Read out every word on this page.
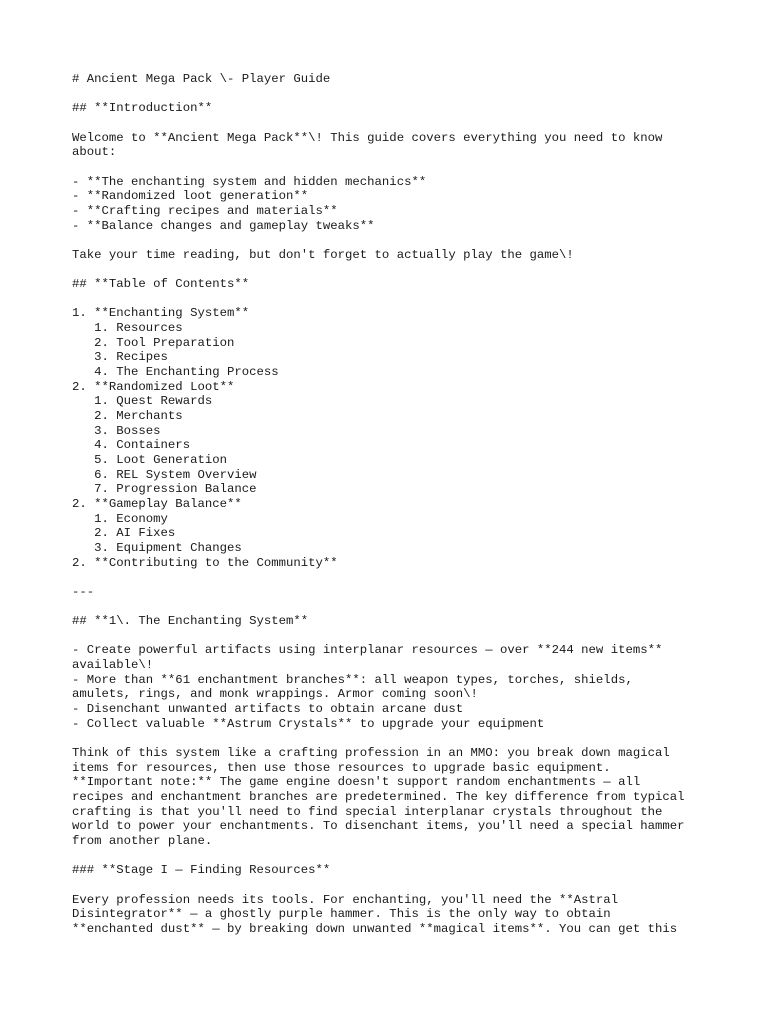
# Ancient Mega Pack \- Player Guide
## **Introduction**
Welcome to **Ancient Mega Pack**\! This guide covers everything you need to know
about:
- **The enchanting system and hidden mechanics**
- **Randomized loot generation**
- **Crafting recipes and materials**
- **Balance changes and gameplay tweaks**
Take your time reading, but don't forget to actually play the game\!
## **Table of Contents**
1. **Enchanting System**
1. Resources
2. Tool Preparation
3. Recipes
4. The Enchanting Process
2. **Randomized Loot**
1. Quest Rewards
2. Merchants
3. Bosses
4. Containers
5. Loot Generation
6. REL System Overview
7. Progression Balance
2. **Gameplay Balance**
1. Economy
2. AI Fixes
3. Equipment Changes
2. **Contributing to the Community**
---
## **1\. The Enchanting System**
- Create powerful artifacts using interplanar resources — over **244 new items**
available\!
- More than **61 enchantment branches**: all weapon types, torches, shields,
amulets, rings, and monk wrappings. Armor coming soon\!
- Disenchant unwanted artifacts to obtain arcane dust
- Collect valuable **Astrum Crystals** to upgrade your equipment
Think of this system like a crafting profession in an MMO: you break down magical
items for resources, then use those resources to upgrade basic equipment.
**Important note:** The game engine doesn't support random enchantments — all
recipes and enchantment branches are predetermined. The key difference from typical
crafting is that you'll need to find special interplanar crystals throughout the
world to power your enchantments. To disenchant items, you'll need a special hammer
from another plane.
### **Stage I — Finding Resources**
Every profession needs its tools. For enchanting, you'll need the **Astral
Disintegrator** — a ghostly purple hammer. This is the only way to obtain
**enchanted dust** — by breaking down unwanted **magical items**. You can get this
